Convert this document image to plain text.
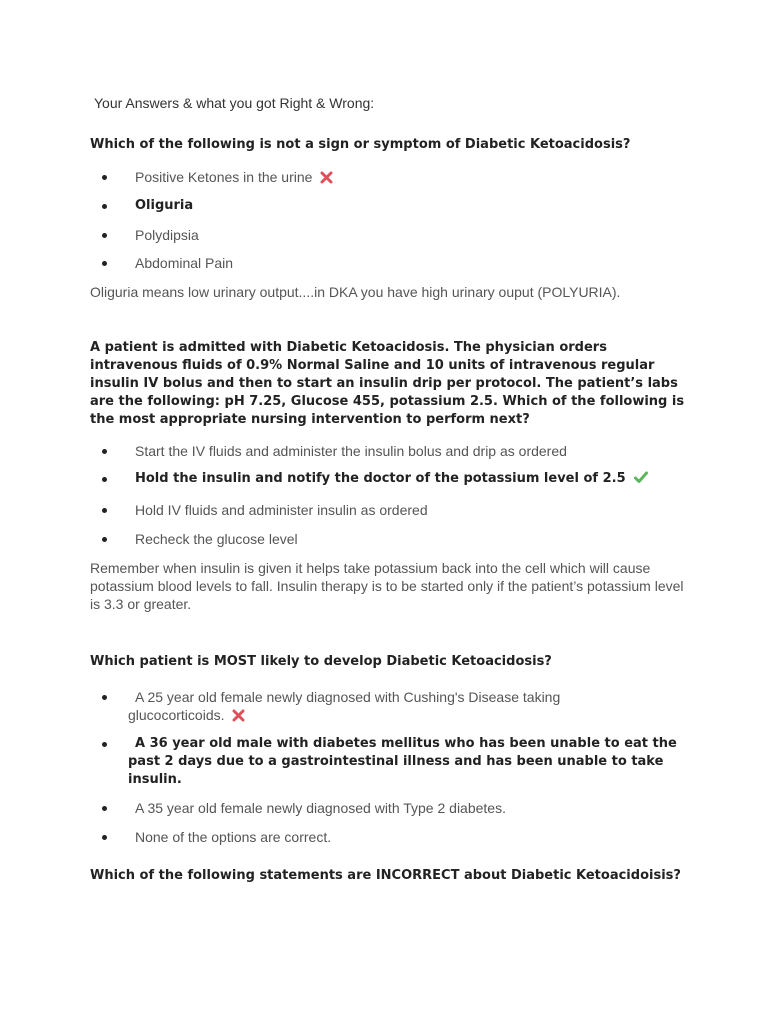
Your Answers & what you got Right & Wrong:

Which of the following is not a sign or symptom of Diabetic Ketoacidosis?

Positive Ketones in the urine
Oliguria
Polydipsia
Abdominal Pain

Oliguria means low urinary output....in DKA you have high urinary ouput (POLYURIA).

A patient is admitted with Diabetic Ketoacidosis. The physician orders intravenous fluids of 0.9% Normal Saline and 10 units of intravenous regular insulin IV bolus and then to start an insulin drip per protocol. The patient’s labs are the following: pH 7.25, Glucose 455, potassium 2.5. Which of the following is the most appropriate nursing intervention to perform next?

Start the IV fluids and administer the insulin bolus and drip as ordered
Hold the insulin and notify the doctor of the potassium level of 2.5
Hold IV fluids and administer insulin as ordered
Recheck the glucose level

Remember when insulin is given it helps take potassium back into the cell which will cause potassium blood levels to fall. Insulin therapy is to be started only if the patient’s potassium level is 3.3 or greater.

Which patient is MOST likely to develop Diabetic Ketoacidosis?

A 25 year old female newly diagnosed with Cushing's Disease taking glucocorticoids.
A 36 year old male with diabetes mellitus who has been unable to eat the past 2 days due to a gastrointestinal illness and has been unable to take insulin.
A 35 year old female newly diagnosed with Type 2 diabetes.
None of the options are correct.

Which of the following statements are INCORRECT about Diabetic Ketoacidoisis?
